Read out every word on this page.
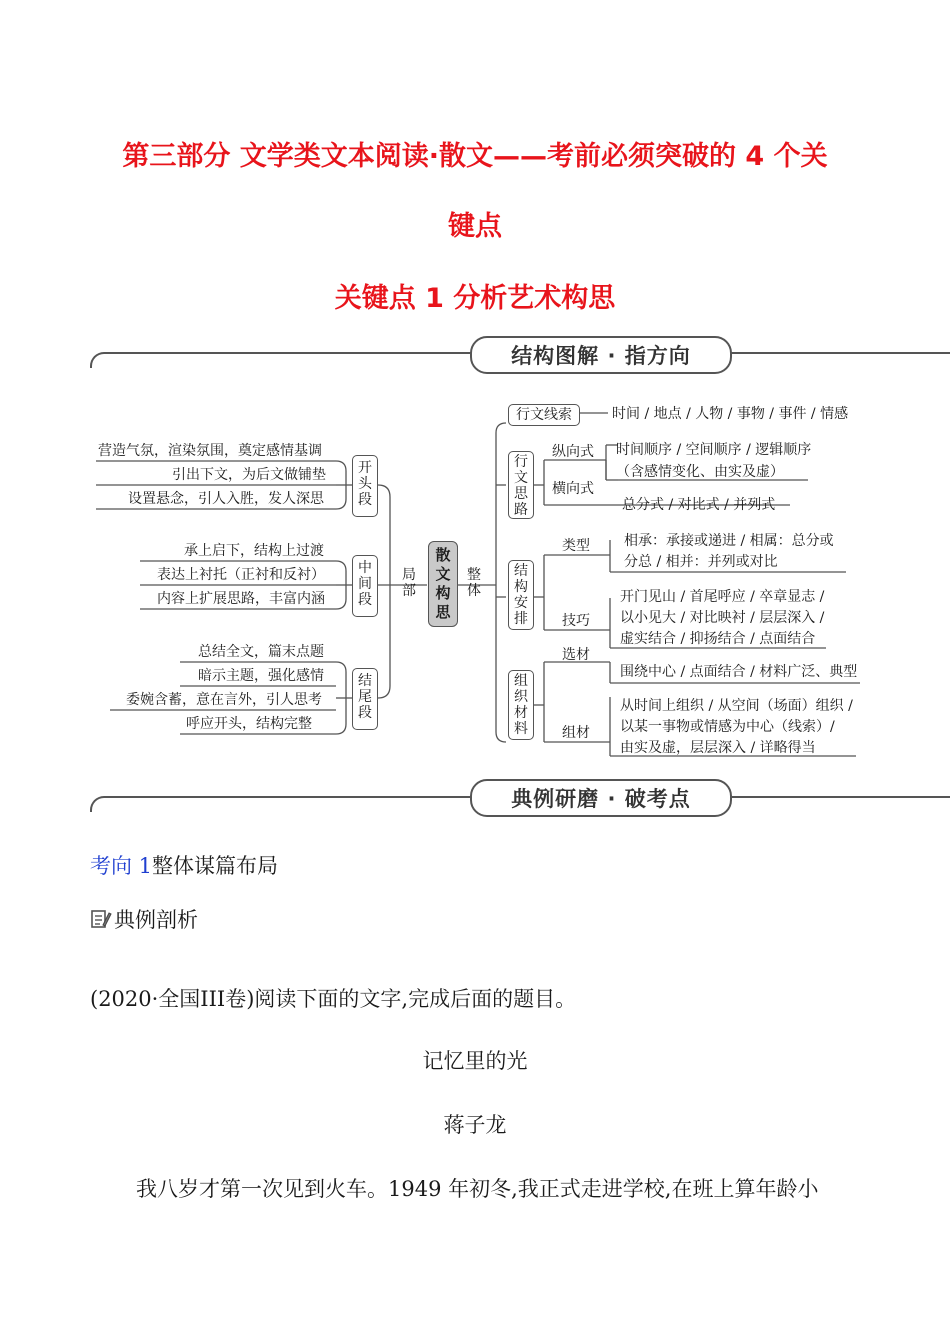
第三部分 文学类文本阅读·散文——考前必须突破的 4 个关
键点
关键点 1 分析艺术构思
结构图解 · 指方向
营造气氛，渲染氛围，奠定感情基调
引出下文，为后文做铺垫
设置悬念，引人入胜，发人深思
开头段
承上启下，结构上过渡
表达上衬托（正衬和反衬）
内容上扩展思路，丰富内涵
中间段
总结全文，篇末点题
暗示主题，强化感情
委婉含蓄，意在言外，引人思考
呼应开头，结构完整
结尾段
局部
散文构思
整体
行文线索	时间 / 地点 / 人物 / 事物 / 事件 / 情感
行文思路
纵向式 时间顺序 / 空间顺序 / 逻辑顺序
（含感情变化、由实及虚）
横向式
总分式 / 对比式 / 并列式
结构安排
类型 相承：承接或递进 / 相属：总分或
分总 / 相并：并列或对比
技巧
开门见山 / 首尾呼应 / 卒章显志 /
以小见大 / 对比映衬 / 层层深入 /
虚实结合 / 抑扬结合 / 点面结合
组织材料
选材
围绕中心 / 点面结合 / 材料广泛、典型
组材
从时间上组织 / 从空间（场面）组织 /
以某一事物或情感为中心（线索）/
由实及虚，层层深入 / 详略得当
典例研磨 · 破考点
考向 1整体谋篇布局
典例剖析
(2020·全国III卷)阅读下面的文字,完成后面的题目。
记忆里的光
蒋子龙
我八岁才第一次见到火车。1949 年初冬,我正式走进学校,在班上算年龄小
